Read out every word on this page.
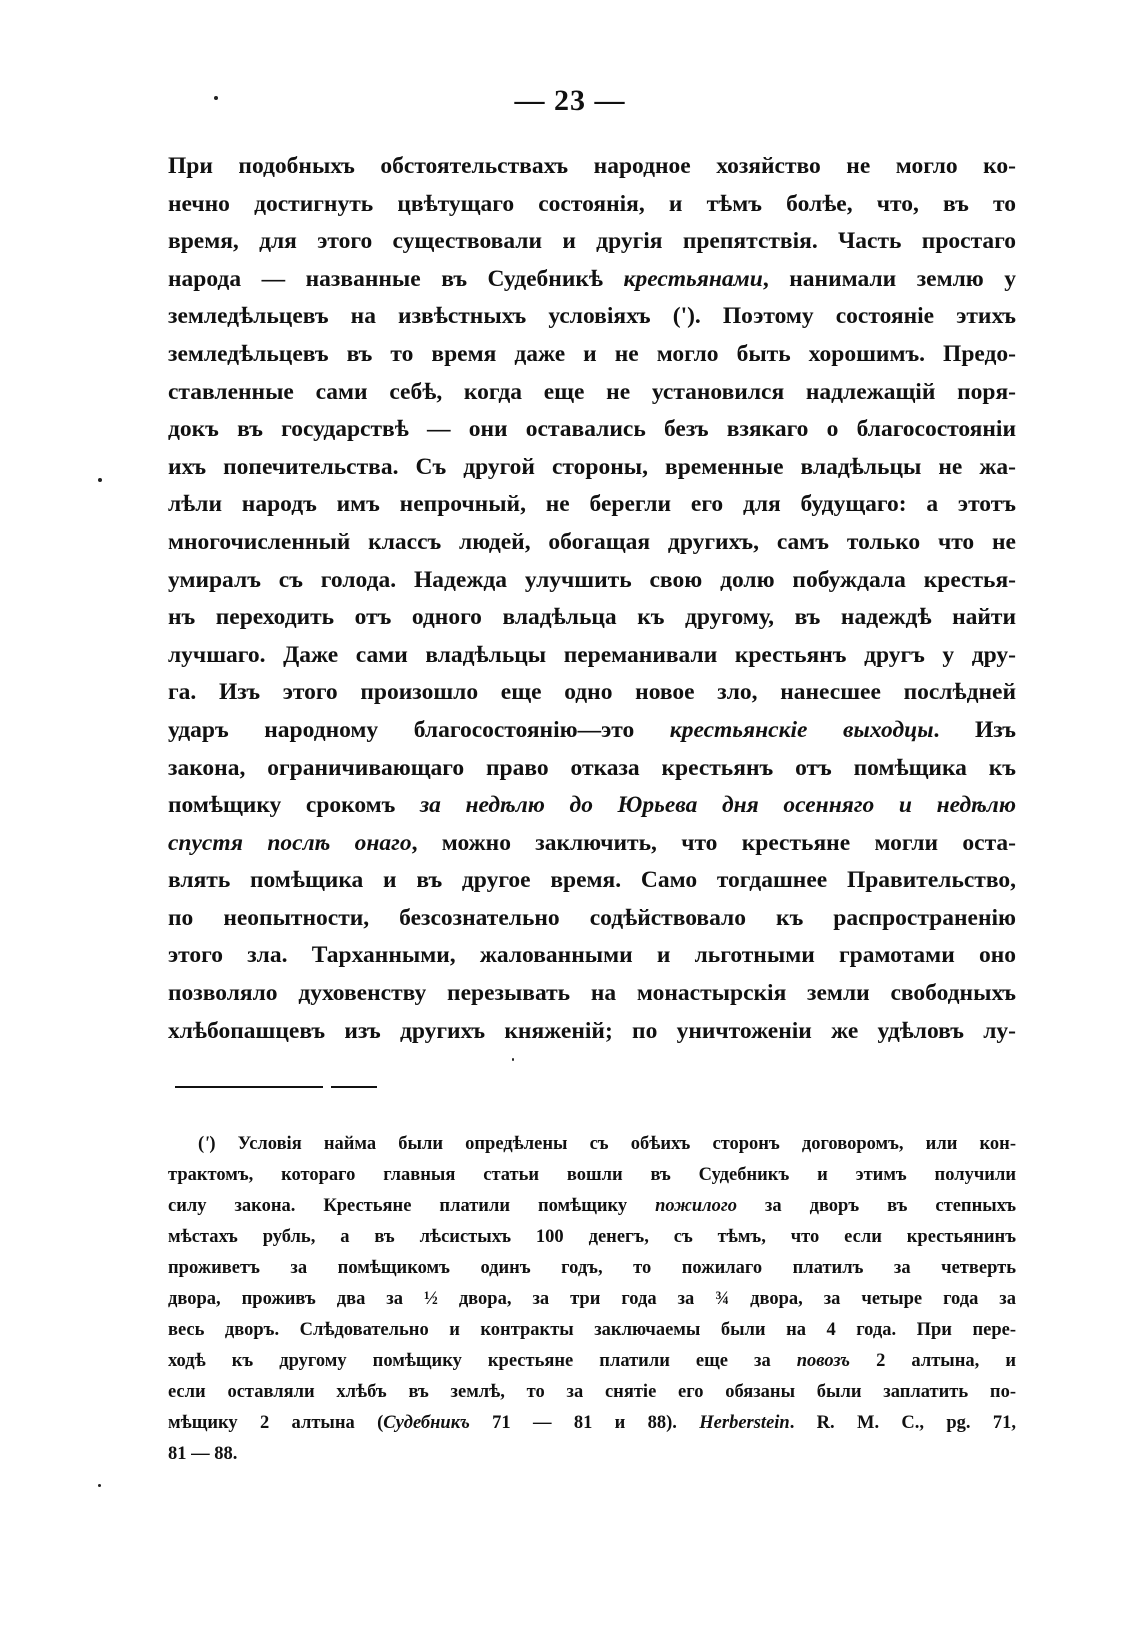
— 23 —
При подобныхъ обстоятельствахъ народное хозяйство не могло ко-
нечно достигнуть цвѣтущаго состоянія, и тѣмъ болѣе, что, въ то
время, для этого существовали и другія препятствія. Часть простаго
народа — названные въ Судебникѣ крестьянами, нанимали землю у
земледѣльцевъ на извѣстныхъ условіяхъ ('). Поэтому состояніе этихъ
земледѣльцевъ въ то время даже и не могло быть хорошимъ. Предо-
ставленные сами себѣ, когда еще не установился надлежащій поря-
докъ въ государствѣ — они оставались безъ взякаго о благосостояніи
ихъ попечительства. Съ другой стороны, временные владѣльцы не жа-
лѣли народъ имъ непрочный, не берегли его для будущаго: а этотъ
многочисленный классъ людей, обогащая другихъ, самъ только что не
умиралъ съ голода. Надежда улучшить свою долю побуждала крестья-
нъ переходить отъ одного владѣльца къ другому, въ надеждѣ найти
лучшаго. Даже сами владѣльцы переманивали крестьянъ другъ у дру-
га. Изъ этого произошло еще одно новое зло, нанесшее послѣдней
ударъ народному благосостоянію—это крестьянскіе выходцы. Изъ
закона, ограничивающаго право отказа крестьянъ отъ помѣщика къ
помѣщику срокомъ за недѣлю до Юрьева дня осенняго и недѣлю
спустя послѣ онаго, можно заключить, что крестьяне могли оста-
влять помѣщика и въ другое время. Само тогдашнее Правительство,
по неопытности, безсознательно содѣйствовало къ распространенію
этого зла. Тарханными, жалованными и льготными грамотами оно
позволяло духовенству перезывать на монастырскія земли свободныхъ
хлѣбопашцевъ изъ другихъ княженій; по уничтоженіи же удѣловъ лу-
(') Условія найма были опредѣлены съ обѣихъ сторонъ договоромъ, или кон-
трактомъ, котораго главныя статьи вошли въ Судебникъ и этимъ получили
силу закона. Крестьяне платили помѣщику пожилого за дворъ въ степныхъ
мѣстахъ рубль, а въ лѣсистыхъ 100 денегъ, съ тѣмъ, что если крестьянинъ
проживетъ за помѣщикомъ одинъ годъ, то пожилаго платилъ за четверть
двора, проживъ два за ½ двора, за три года за ¾ двора, за четыре года за
весь дворъ. Слѣдовательно и контракты заключаемы были на 4 года. При пере-
ходѣ къ другому помѣщику крестьяне платили еще за повозъ 2 алтына, и
если оставляли хлѣбъ въ землѣ, то за снятіе его обязаны были заплатить по-
мѣщику 2 алтына (Судебникъ 71 — 81 и 88). Herberstein. R. M. C., pg. 71,
81 — 88.
